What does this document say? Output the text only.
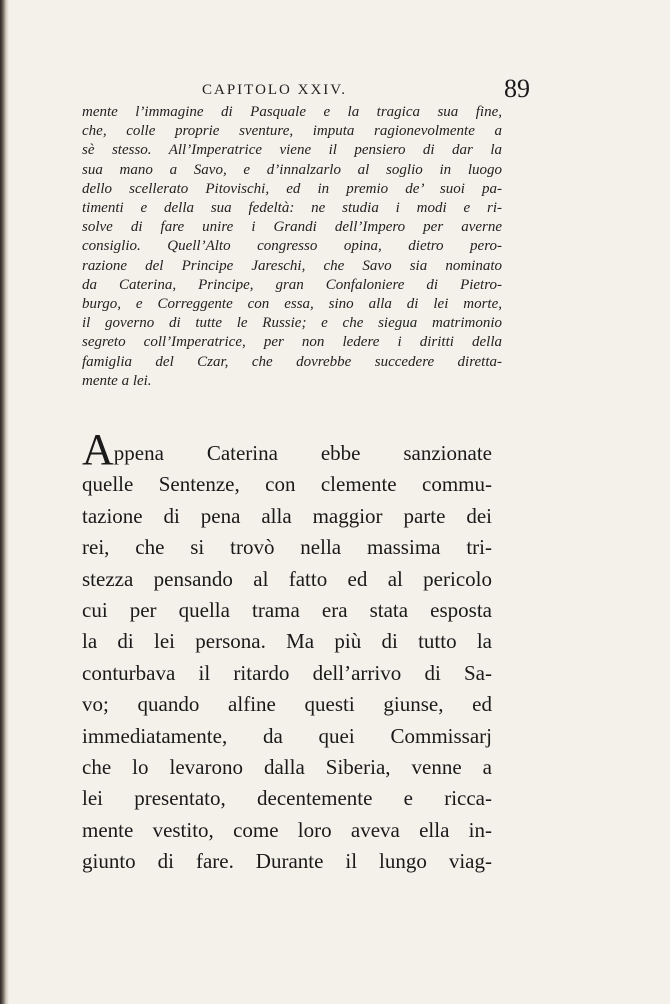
CAPITOLO XXIV.	89
mente l’immagine di Pasquale e la tragica sua fine,
che, colle proprie sventure, imputa ragionevolmente a
sè stesso. All’Imperatrice viene il pensiero di dar la
sua mano a Savo, e d’innalzarlo al soglio in luogo
dello scellerato Pitovischi, ed in premio de’ suoi pa-
timenti e della sua fedeltà: ne studia i modi e ri-
solve di fare unire i Grandi dell’Impero per averne
consiglio. Quell’Alto congresso opina, dietro pero-
razione del Principe Jareschi, che Savo sia nominato
da Caterina, Principe, gran Confaloniere di Pietro-
burgo, e Correggente con essa, sino alla di lei morte,
il governo di tutte le Russie; e che siegua matrimonio
segreto coll’Imperatrice, per non ledere i diritti della
famiglia del Czar, che dovrebbe succedere diretta-
mente a lei.
Appena Caterina ebbe sanzionate
quelle Sentenze, con clemente commu-
tazione di pena alla maggior parte dei
rei, che si trovò nella massima tri-
stezza pensando al fatto ed al pericolo
cui per quella trama era stata esposta
la di lei persona. Ma più di tutto la
conturbava il ritardo dell’arrivo di Sa-
vo; quando alfine questi giunse, ed
immediatamente, da quei Commissarj
che lo levarono dalla Siberia, venne a
lei presentato, decentemente e ricca-
mente vestito, come loro aveva ella in-
giunto di fare. Durante il lungo viag-
